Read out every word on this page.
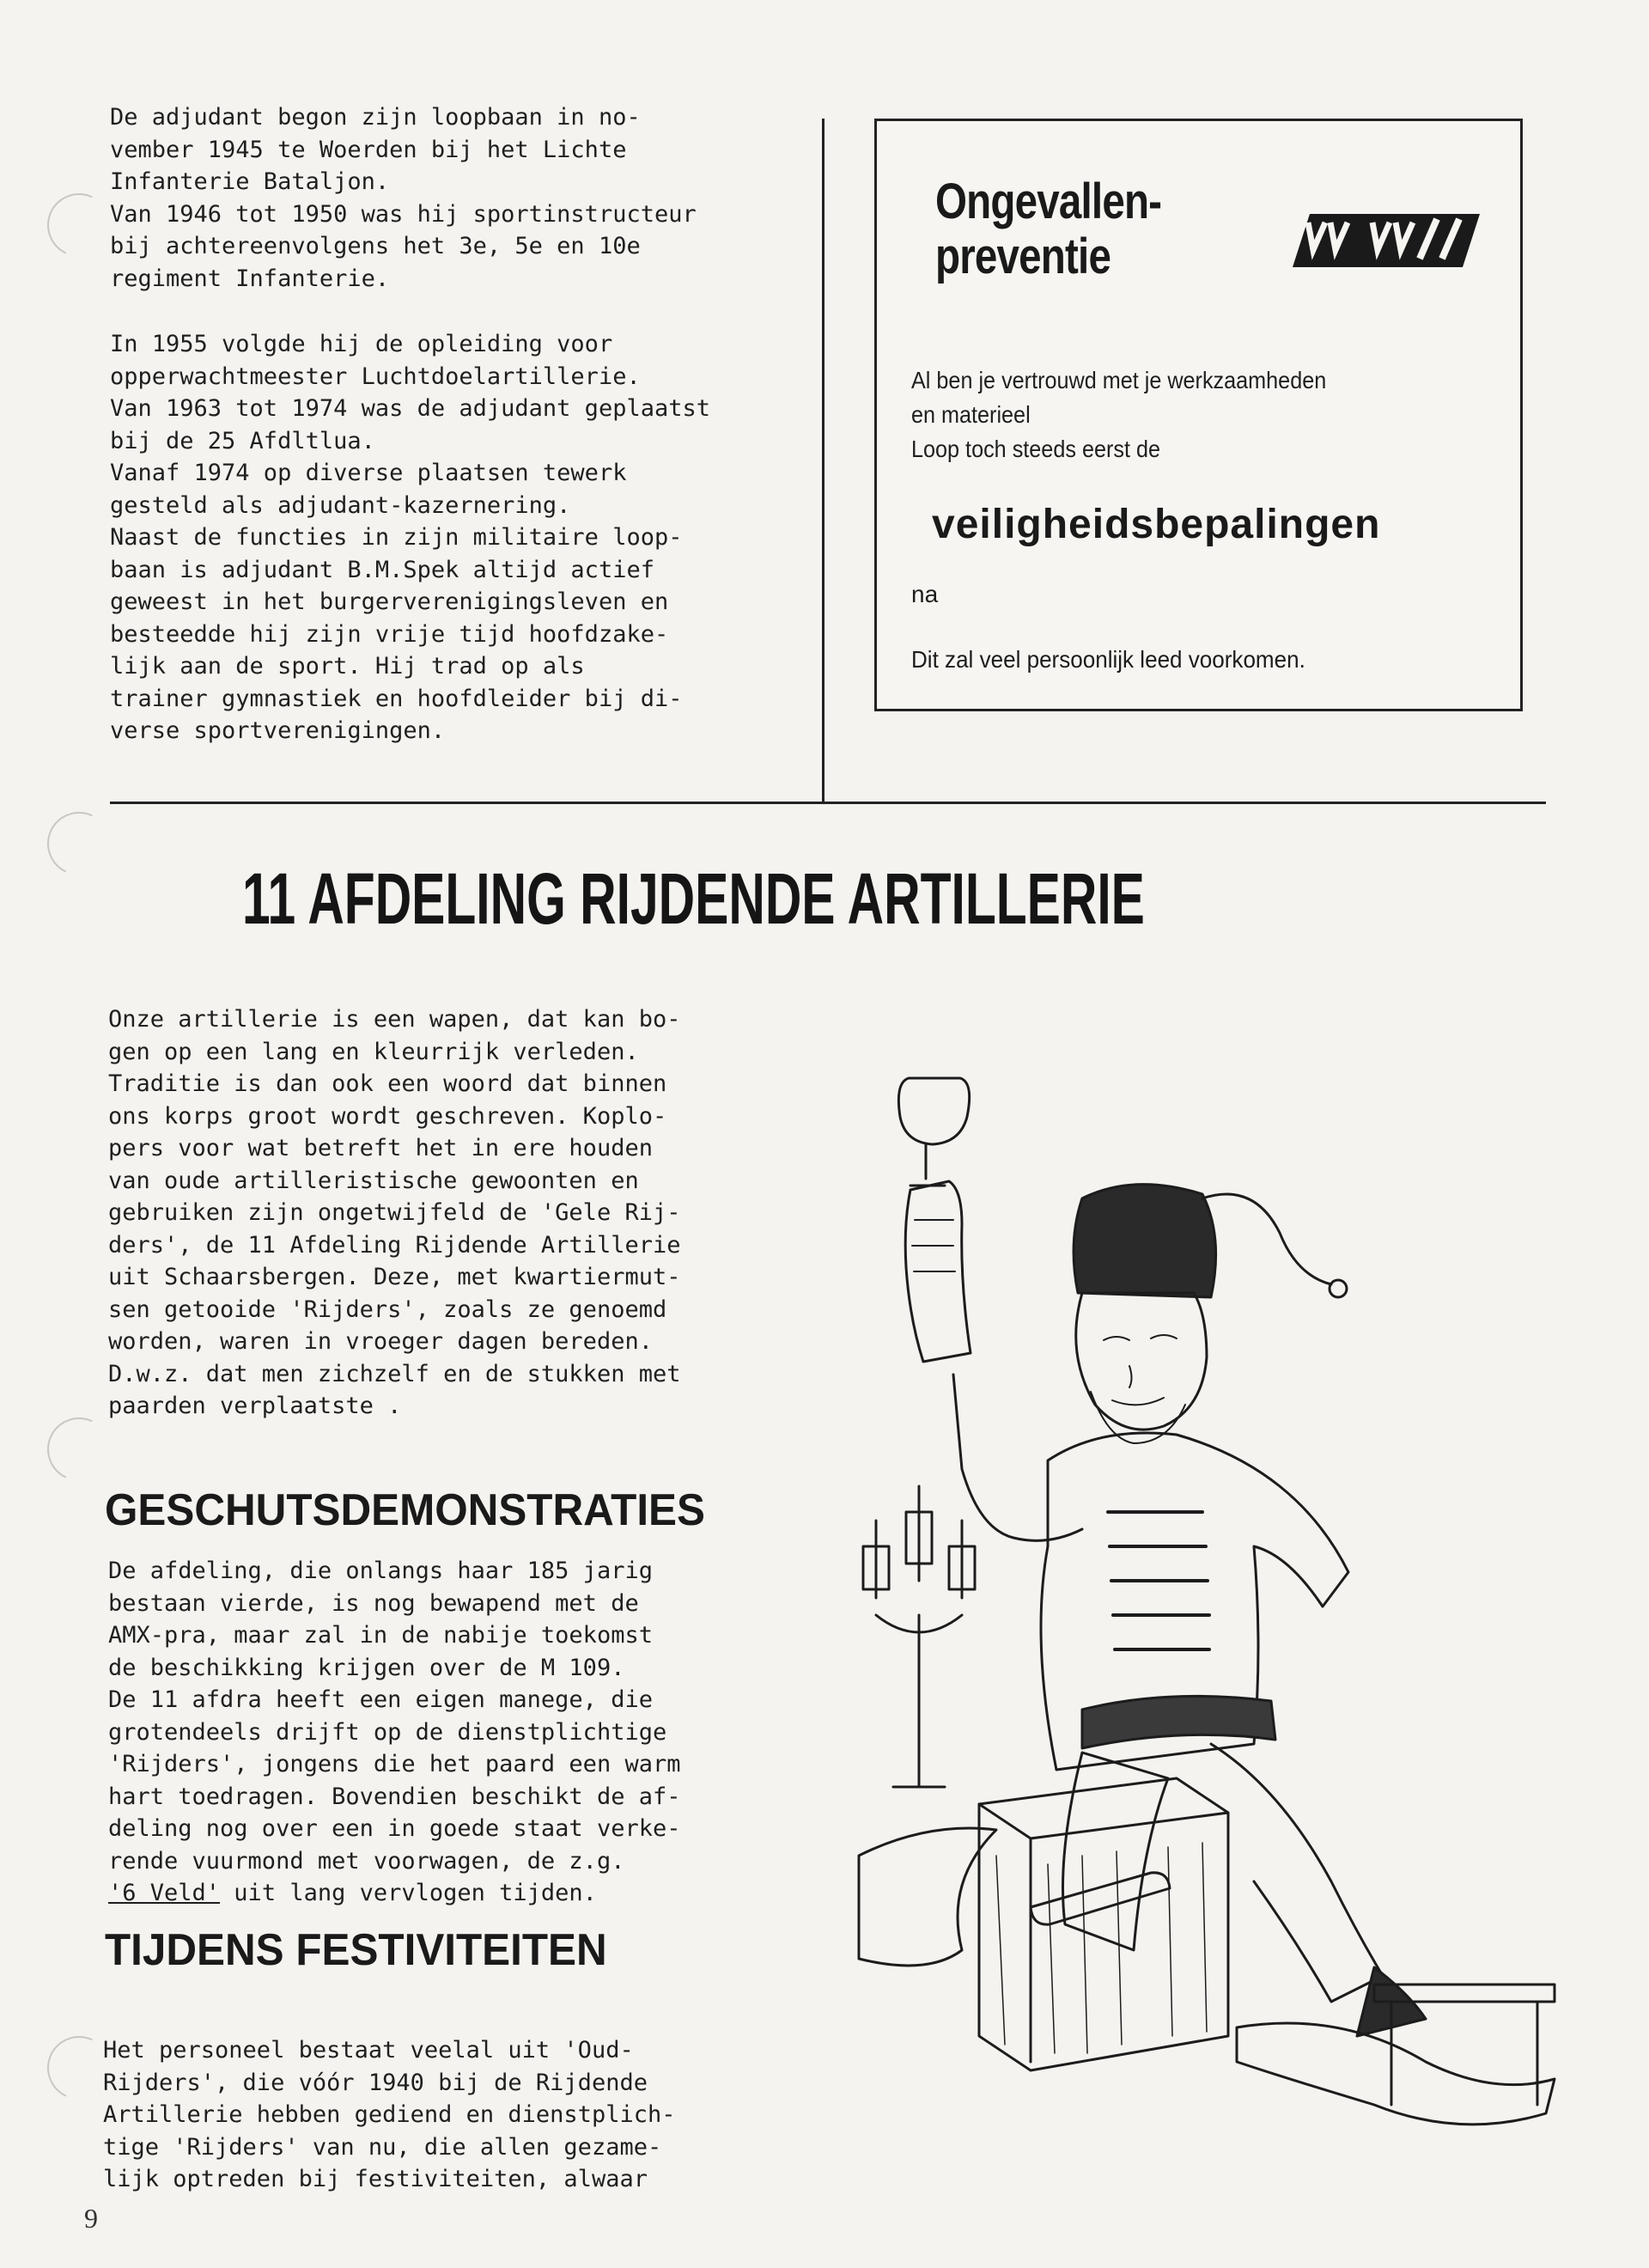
De adjudant begon zijn loopbaan in no-
vember 1945 te Woerden bij het Lichte
Infanterie Bataljon.
Van 1946 tot 1950 was hij sportinstructeur
bij achtereenvolgens het 3e, 5e en 10e
regiment Infanterie.
In 1955 volgde hij de opleiding voor
opperwachtmeester Luchtdoelartillerie.
Van 1963 tot 1974 was de adjudant geplaatst
bij de 25 Afdltlua.
Vanaf 1974 op diverse plaatsen tewerk
gesteld als adjudant-kazernering.
Naast de functies in zijn militaire loop-
baan is adjudant B.M.Spek altijd actief
geweest in het burgerverenigingsleven en
besteedde hij zijn vrije tijd hoofdzake-
lijk aan de sport. Hij trad op als
trainer gymnastiek en hoofdleider bij di-
verse sportverenigingen.
Ongevallen-
preventie
Al ben je vertrouwd met je werkzaamheden
en materieel
Loop toch steeds eerst de
veiligheidsbepalingen
na
Dit zal veel persoonlijk leed voorkomen.
11 AFDELING RIJDENDE ARTILLERIE
Onze artillerie is een wapen, dat kan bo-
gen op een lang en kleurrijk verleden.
Traditie is dan ook een woord dat binnen
ons korps groot wordt geschreven. Koplo-
pers voor wat betreft het in ere houden
van oude artilleristische gewoonten en
gebruiken zijn ongetwijfeld de 'Gele Rij-
ders', de 11 Afdeling Rijdende Artillerie
uit Schaarsbergen. Deze, met kwartiermut-
sen getooide 'Rijders', zoals ze genoemd
worden, waren in vroeger dagen bereden.
D.w.z. dat men zichzelf en de stukken met
paarden verplaatste .
GESCHUTSDEMONSTRATIES
De afdeling, die onlangs haar 185 jarig
bestaan vierde, is nog bewapend met de
AMX-pra, maar zal in de nabije toekomst
de beschikking krijgen over de M 109.
De 11 afdra heeft een eigen manege, die
grotendeels drijft op de dienstplichtige
'Rijders', jongens die het paard een warm
hart toedragen. Bovendien beschikt de af-
deling nog over een in goede staat verke-
rende vuurmond met voorwagen, de z.g.
'6 Veld' uit lang vervlogen tijden.
TIJDENS FESTIVITEITEN
Het personeel bestaat veelal uit 'Oud-
Rijders', die vóór 1940 bij de Rijdende
Artillerie hebben gediend en dienstplich-
tige 'Rijders' van nu, die allen gezame-
lijk optreden bij festiviteiten, alwaar
9
